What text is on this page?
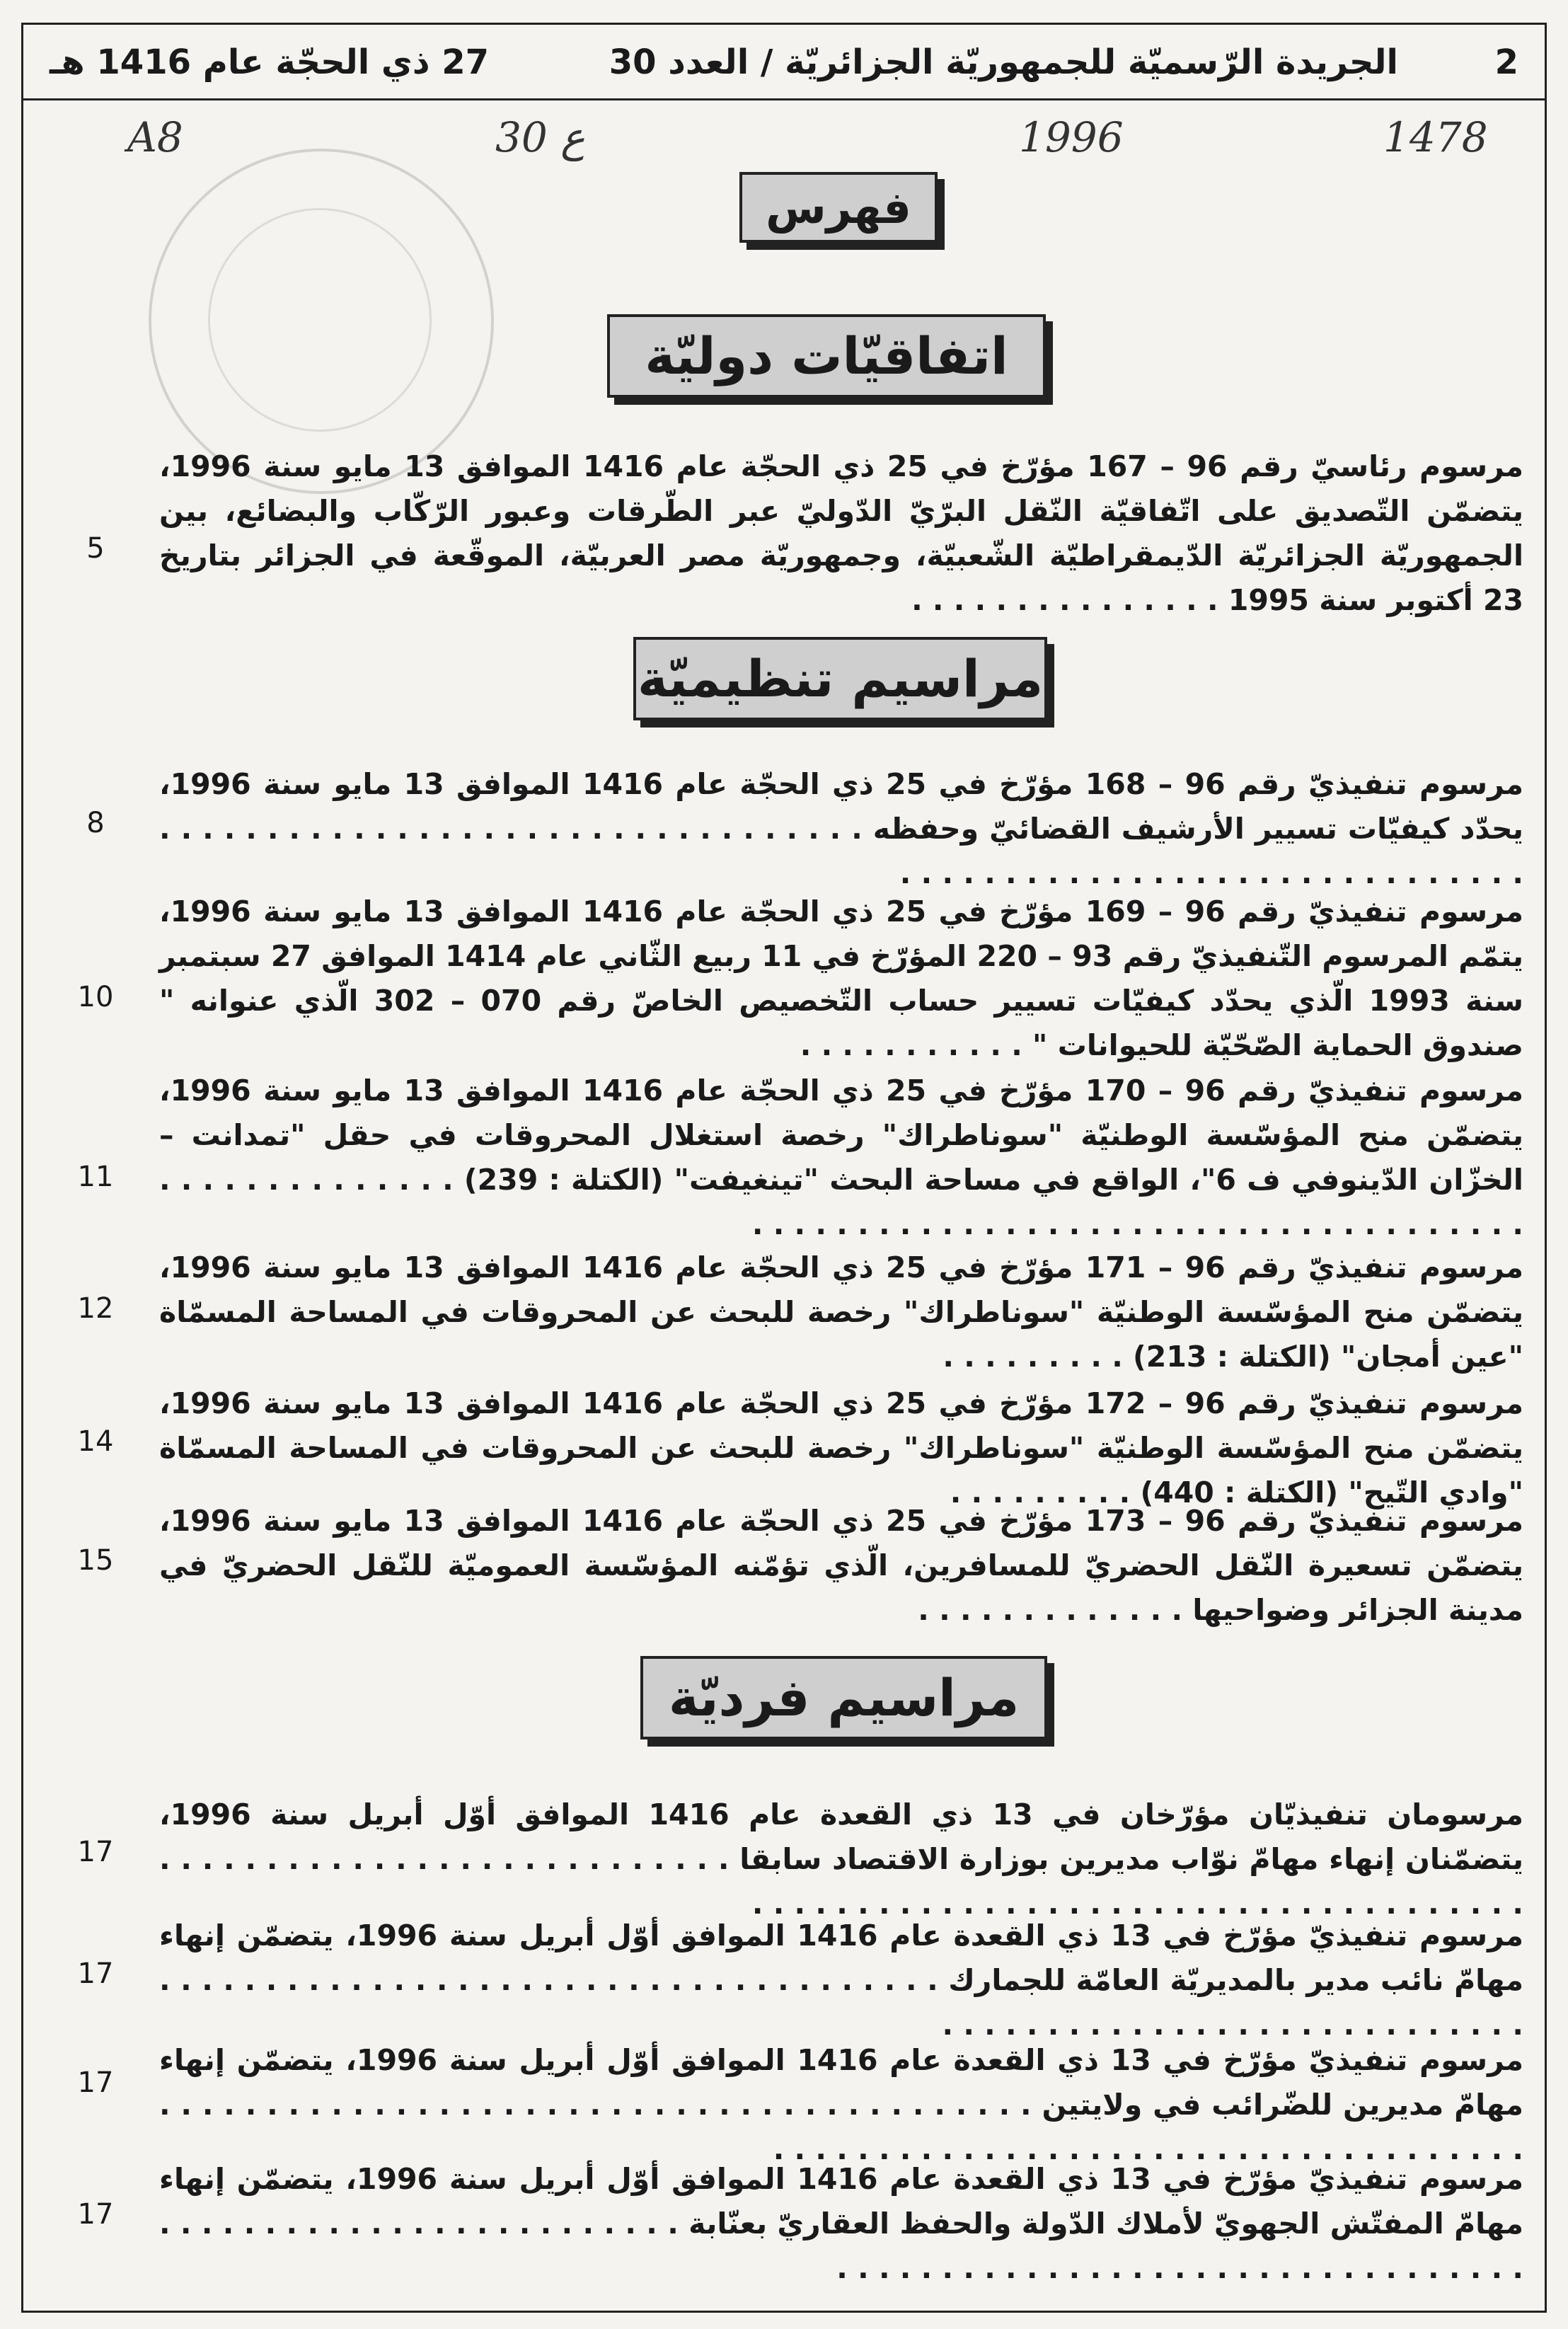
2
الجريدة الرّسميّة للجمهوريّة الجزائريّة / العدد 30
27 ذي الحجّة عام 1416 هـ
A8	30 ع	1996	1478
فهرس
اتفاقيّات دوليّة
مراسيم تنظيميّة
مراسيم فرديّة
مرسوم رئاسيّ رقم 96 – 167 مؤرّخ في 25 ذي الحجّة عام 1416 الموافق 13 مايو سنة 1996، يتضمّن التّصديق على اتّفاقيّة النّقل البرّيّ الدّوليّ عبر الطّرقات وعبور الرّكّاب والبضائع، بين الجمهوريّة الجزائريّة الدّيمقراطيّة الشّعبيّة، وجمهوريّة مصر العربيّة، الموقّعة في الجزائر بتاريخ 23 أكتوبر سنة 1995 . . . . . . . . . . . . . . .
5
مرسوم تنفيذيّ رقم 96 – 168 مؤرّخ في 25 ذي الحجّة عام 1416 الموافق 13 مايو سنة 1996، يحدّد كيفيّات تسيير الأرشيف القضائيّ وحفظه . . . . . . . . . . . . . . . . . . . . . . . . . . . . . . . . . . . . . . . . . . . . . . . . . . . . . . . . . . . . . . .
8
مرسوم تنفيذيّ رقم 96 – 169 مؤرّخ في 25 ذي الحجّة عام 1416 الموافق 13 مايو سنة 1996، يتمّم المرسوم التّنفيذيّ رقم 93 – 220 المؤرّخ في 11 ربيع الثّاني عام 1414 الموافق 27 سبتمبر سنة 1993 الّذي يحدّد كيفيّات تسيير حساب التّخصيص الخاصّ رقم 070 – 302 الّذي عنوانه " صندوق الحماية الصّحّيّة للحيوانات " . . . . . . . . . . .
10
مرسوم تنفيذيّ رقم 96 – 170 مؤرّخ في 25 ذي الحجّة عام 1416 الموافق 13 مايو سنة 1996، يتضمّن منح المؤسّسة الوطنيّة "سوناطراك" رخصة استغلال المحروقات في حقل "تمدانت – الخزّان الدّينوفي ف 6"، الواقع في مساحة البحث "تينغيفت" (الكتلة : 239) . . . . . . . . . . . . . . . . . . . . . . . . . . . . . . . . . . . . . . . . . . . . . . . . . . .
11
مرسوم تنفيذيّ رقم 96 – 171 مؤرّخ في 25 ذي الحجّة عام 1416 الموافق 13 مايو سنة 1996، يتضمّن منح المؤسّسة الوطنيّة "سوناطراك" رخصة للبحث عن المحروقات في المساحة المسمّاة "عين أمجان" (الكتلة : 213) . . . . . . . . .
12
مرسوم تنفيذيّ رقم 96 – 172 مؤرّخ في 25 ذي الحجّة عام 1416 الموافق 13 مايو سنة 1996، يتضمّن منح المؤسّسة الوطنيّة "سوناطراك" رخصة للبحث عن المحروقات في المساحة المسمّاة "وادي التّيح" (الكتلة : 440) . . . . . . . . .
14
مرسوم تنفيذيّ رقم 96 – 173 مؤرّخ في 25 ذي الحجّة عام 1416 الموافق 13 مايو سنة 1996، يتضمّن تسعيرة النّقل الحضريّ للمسافرين، الّذي تؤمّنه المؤسّسة العموميّة للنّقل الحضريّ في مدينة الجزائر وضواحيها . . . . . . . . . . . . .
15
مرسومان تنفيذيّان مؤرّخان في 13 ذي القعدة عام 1416 الموافق أوّل أبريل سنة 1996، يتضمّنان إنهاء مهامّ نوّاب مديرين بوزارة الاقتصاد سابقا . . . . . . . . . . . . . . . . . . . . . . . . . . . . . . . . . . . . . . . . . . . . . . . . . . . . . . . . . . . . . . . .
17
مرسوم تنفيذيّ مؤرّخ في 13 ذي القعدة عام 1416 الموافق أوّل أبريل سنة 1996، يتضمّن إنهاء مهامّ نائب مدير بالمديريّة العامّة للجمارك . . . . . . . . . . . . . . . . . . . . . . . . . . . . . . . . . . . . . . . . . . . . . . . . . . . . . . . . . . . . . . . . .
17
مرسوم تنفيذيّ مؤرّخ في 13 ذي القعدة عام 1416 الموافق أوّل أبريل سنة 1996، يتضمّن إنهاء مهامّ مديرين للضّرائب في ولايتين . . . . . . . . . . . . . . . . . . . . . . . . . . . . . . . . . . . . . . . . . . . . . . . . . . . . . . . . . . . . . . . . . . . . . . . . . . . . .
17
مرسوم تنفيذيّ مؤرّخ في 13 ذي القعدة عام 1416 الموافق أوّل أبريل سنة 1996، يتضمّن إنهاء مهامّ المفتّش الجهويّ لأملاك الدّولة والحفظ العقاريّ بعنّابة . . . . . . . . . . . . . . . . . . . . . . . . . . . . . . . . . . . . . . . . . . . . . . . . . . . . . . . . . .
17
